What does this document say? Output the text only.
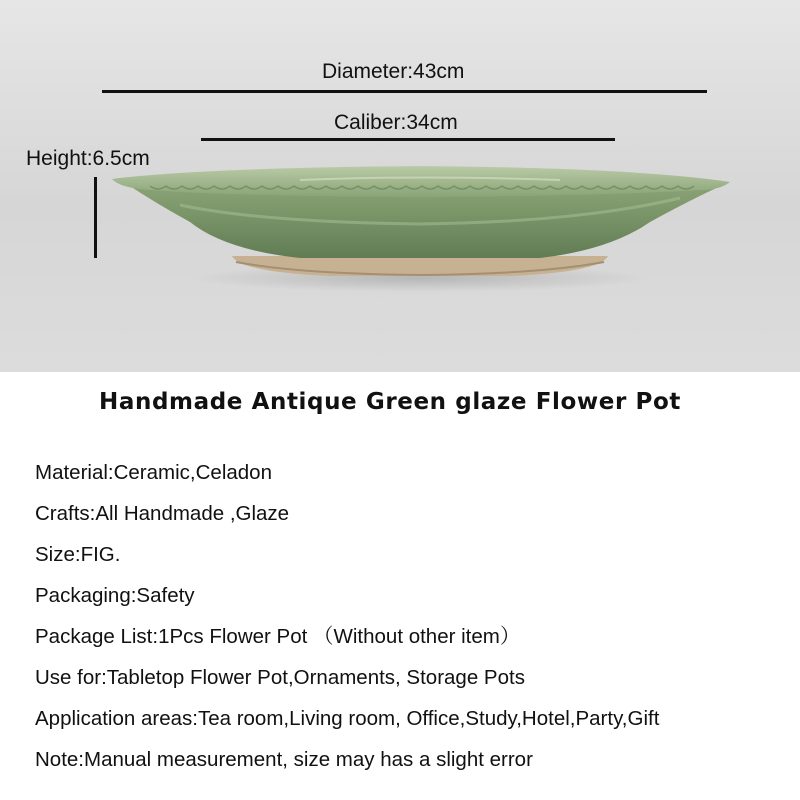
Diameter:43cm
Caliber:34cm
Height:6.5cm
Handmade Antique Green glaze Flower Pot
Material:Ceramic,Celadon
Crafts:All Handmade ,Glaze
Size:FIG.
Packaging:Safety
Package List:1Pcs Flower Pot （Without other item）
Use for:Tabletop Flower Pot,Ornaments, Storage Pots
Application areas:Tea room,Living room, Office,Study,Hotel,Party,Gift
Note:Manual measurement, size may has a slight error
